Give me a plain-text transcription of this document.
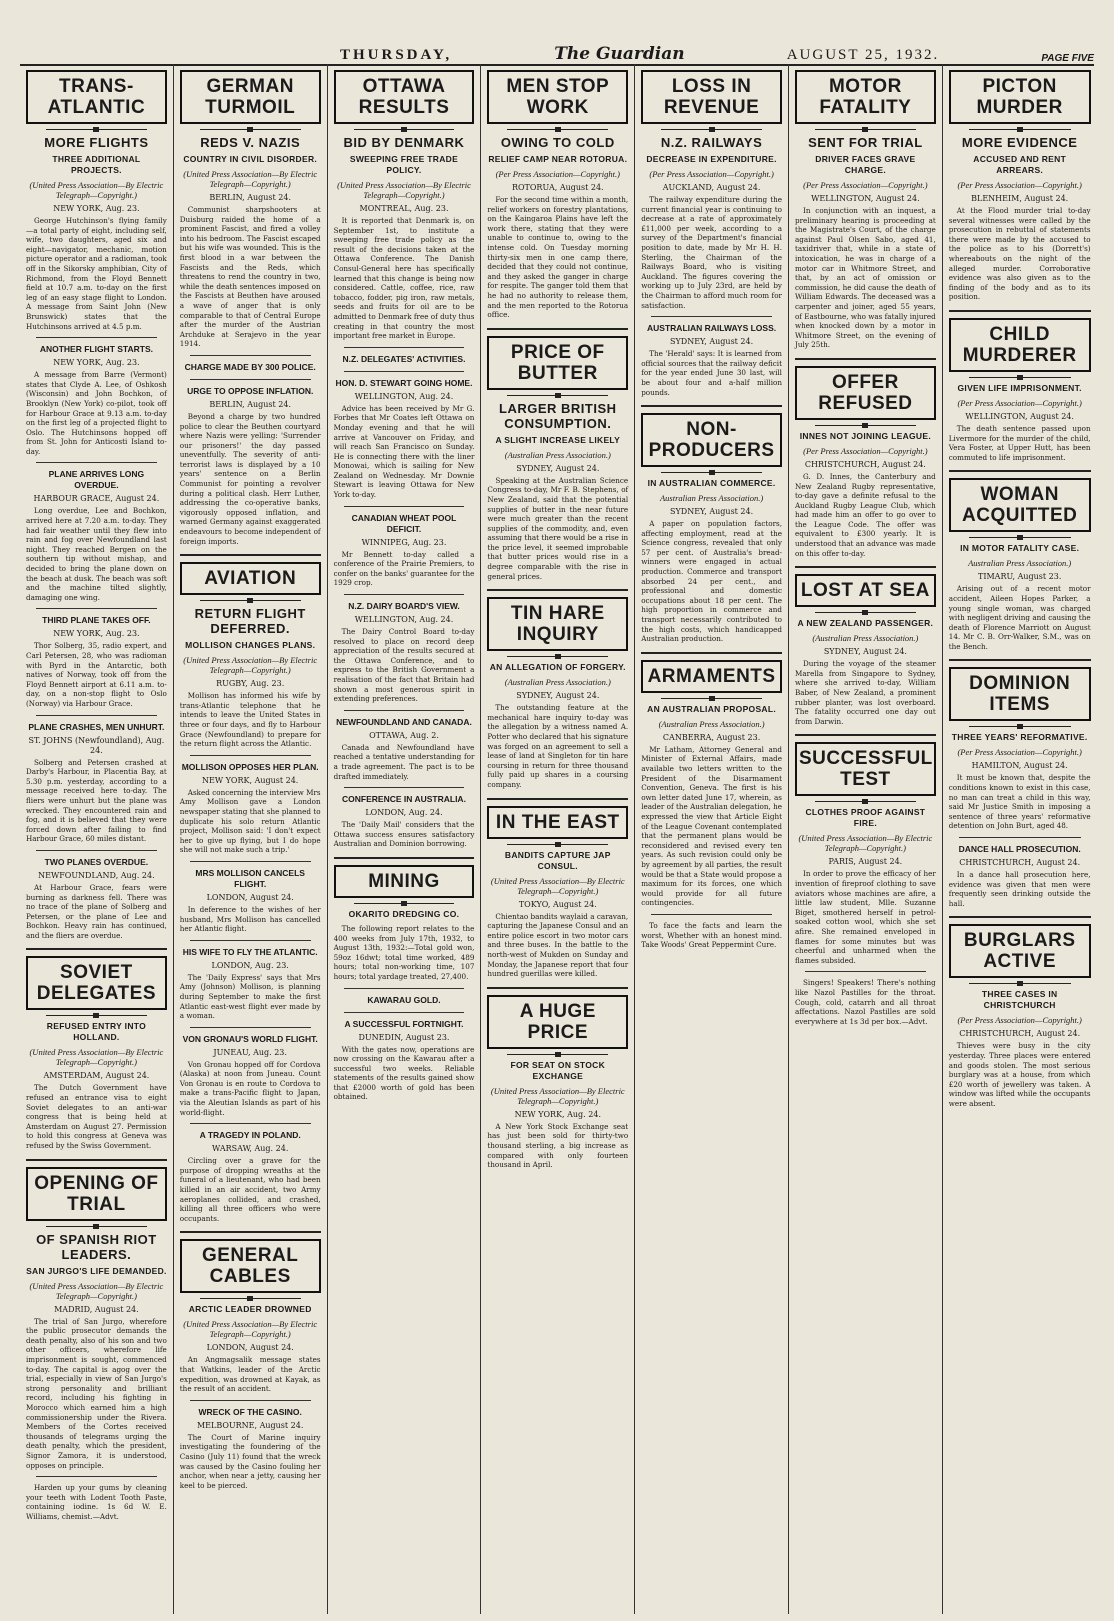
THURSDAY,	The Guardian	AUGUST 25, 1932.	PAGE FIVE
TRANS-ATLANTIC
MORE FLIGHTS
THREE ADDITIONAL PROJECTS.
(United Press Association—By Electric Telegraph—Copyright.)
NEW YORK, Aug. 23.

George Hutchinson's flying family —a total party of eight, including self, wife, two daughters, aged six and eight—navigator, mechanic, motion picture operator and a radioman, took off in the Sikorsky amphibian, City of Richmond, from the Floyd Bennett field at 10.7 a.m. to-day on the first leg of an easy stage flight to London. A message from Saint John (New Brunswick) states that the Hutchinsons arrived at 4.5 p.m.

ANOTHER FLIGHT STARTS.
NEW YORK, Aug. 23.

A message from Barre (Vermont) states that Clyde A. Lee, of Oshkosh (Wisconsin) and John Bochkon, of Brooklyn (New York) co-pilot, took off for Harbour Grace at 9.13 a.m. to-day on the first leg of a projected flight to Oslo. The Hutchinsons hopped off from St. John for Anticosti Island to-day.

PLANE ARRIVES LONG OVERDUE.
HARBOUR GRACE, August 24.

Long overdue, Lee and Bochkon, arrived here at 7.20 a.m. to-day. They had fair weather until they flew into rain and fog over Newfoundland last night. They reached Bergen on the southern tip without mishap, and decided to bring the plane down on the beach at dusk. The beach was soft and the machine tilted slightly, damaging one wing.

THIRD PLANE TAKES OFF.
NEW YORK, Aug. 23.

Thor Solberg, 35, radio expert, and Carl Petersen, 28, who was radioman with Byrd in the Antarctic, both natives of Norway, took off from the Floyd Bennett airport at 6.11 a.m. to-day, on a non-stop flight to Oslo (Norway) via Harbour Grace.

PLANE CRASHES, MEN UNHURT.
ST. JOHNS (Newfoundland), Aug. 24.

Solberg and Petersen crashed at Darby's Harbour, in Placentia Bay, at 5.30 p.m. yesterday, according to a message received here to-day. The fliers were unhurt but the plane was wrecked. They encountered rain and fog, and it is believed that they were forced down after failing to find Harbour Grace, 60 miles distant.

TWO PLANES OVERDUE.
NEWFOUNDLAND, Aug. 24.

At Harbour Grace, fears were burning as darkness fell. There was no trace of the plane of Solberg and Petersen, or the plane of Lee and Bochkon. Heavy rain has continued, and the fliers are overdue.

SOVIET DELEGATES
REFUSED ENTRY INTO HOLLAND.
(United Press Association—By Electric Telegraph—Copyright.)
AMSTERDAM, August 24.

The Dutch Government have refused an entrance visa to eight Soviet delegates to an anti-war congress that is being held at Amsterdam on August 27. Permission to hold this congress at Geneva was refused by the Swiss Government.

OPENING OF TRIAL
OF SPANISH RIOT LEADERS.
SAN JURGO'S LIFE DEMANDED.
(United Press Association—By Electric Telegraph—Copyright.)
MADRID, August 24.

The trial of San Jurgo, wherefore the public prosecutor demands the death penalty, also of his son and two other officers, wherefore life imprisonment is sought, commenced to-day. The capital is agog over the trial, especially in view of San Jurgo's strong personality and brilliant record, including his fighting in Morocco which earned him a high commissionership under the Rivera. Members of the Cortes received thousands of telegrams urging the death penalty, which the president, Signor Zamora, it is understood, opposes on principle.

Harden up your gums by cleaning your teeth with Lodent Tooth Paste, containing iodine. 1s 6d W. E. Williams, chemist.—Advt.

GERMAN TURMOIL
REDS V. NAZIS
COUNTRY IN CIVIL DISORDER.
(United Press Association—By Electric Telegraph—Copyright.)
BERLIN, August 24.

Communist sharpshooters at Duisburg raided the home of a prominent Fascist, and fired a volley into his bedroom. The Fascist escaped but his wife was wounded. This is the first blood in a war between the Fascists and the Reds, which threatens to rend the country in two, while the death sentences imposed on the Fascists at Beuthen have aroused a wave of anger that is only comparable to that of Central Europe after the murder of the Austrian Archduke at Serajevo in the year 1914.

CHARGE MADE BY 300 POLICE.
URGE TO OPPOSE INFLATION.
BERLIN, August 24.

Beyond a charge by two hundred police to clear the Beuthen courtyard where Nazis were yelling: 'Surrender our prisoners!' the day passed uneventfully. The severity of anti-terrorist laws is displayed by a 10 years' sentence on a Berlin Communist for pointing a revolver during a political clash. Herr Luther, addressing the co-operative banks, vigorously opposed inflation, and warned Germany against exaggerated endeavours to become independent of foreign imports.

AVIATION
RETURN FLIGHT DEFERRED.
MOLLISON CHANGES PLANS.
(United Press Association—By Electric Telegraph—Copyright.)
RUGBY, Aug. 23.

Mollison has informed his wife by trans-Atlantic telephone that he intends to leave the United States in three or four days, and fly to Harbour Grace (Newfoundland) to prepare for the return flight across the Atlantic.

MOLLISON OPPOSES HER PLAN.
NEW YORK, August 24.

Asked concerning the interview Mrs Amy Mollison gave a London newspaper stating that she planned to duplicate his solo return Atlantic project, Mollison said: 'I don't expect her to give up flying, but I do hope she will not make such a trip.'

MRS MOLLISON CANCELS FLIGHT.
LONDON, August 24.

In deference to the wishes of her husband, Mrs Mollison has cancelled her Atlantic flight.

HIS WIFE TO FLY THE ATLANTIC.
LONDON, Aug. 23.

The 'Daily Express' says that Mrs Amy (Johnson) Mollison, is planning during September to make the first Atlantic east-west flight ever made by a woman.

VON GRONAU'S WORLD FLIGHT.
JUNEAU, Aug. 23.

Von Gronau hopped off for Cordova (Alaska) at noon from Juneau. Count Von Gronau is en route to Cordova to make a trans-Pacific flight to Japan, via the Aleutian Islands as part of his world-flight.

A TRAGEDY IN POLAND.
WARSAW, Aug. 24.

Circling over a grave for the purpose of dropping wreaths at the funeral of a lieutenant, who had been killed in an air accident, two Army aeroplanes collided, and crashed, killing all three officers who were occupants.

GENERAL CABLES
ARCTIC LEADER DROWNED
(United Press Association—By Electric Telegraph—Copyright.)
LONDON, August 24.

An Angmagsalik message states that Watkins, leader of the Arctic expedition, was drowned at Kayak, as the result of an accident.

WRECK OF THE CASINO.
MELBOURNE, August 24.

The Court of Marine inquiry investigating the foundering of the Casino (July 11) found that the wreck was caused by the Casino fouling her anchor, when near a jetty, causing her keel to be pierced.

OTTAWA RESULTS
BID BY DENMARK
SWEEPING FREE TRADE POLICY.
(United Press Association—By Electric Telegraph—Copyright.)
MONTREAL, Aug. 23.

It is reported that Denmark is, on September 1st, to institute a sweeping free trade policy as the result of the decisions taken at the Ottawa Conference. The Danish Consul-General here has specifically learned that this change is being now considered. Cattle, coffee, rice, raw tobacco, fodder, pig iron, raw metals, seeds and fruits for oil are to be admitted to Denmark free of duty thus creating in that country the most important free market in Europe.

N.Z. DELEGATES' ACTIVITIES.
HON. D. STEWART GOING HOME.
WELLINGTON, Aug. 24.

Advice has been received by Mr G. Forbes that Mr Coates left Ottawa on Monday evening and that he will arrive at Vancouver on Friday, and will reach San Francisco on Sunday. He is connecting there with the liner Monowai, which is sailing for New Zealand on Wednesday. Mr Downie Stewart is leaving Ottawa for New York to-day.

CANADIAN WHEAT POOL DEFICIT.
WINNIPEG, Aug. 23.

Mr Bennett to-day called a conference of the Prairie Premiers, to confer on the banks' guarantee for the 1929 crop.

N.Z. DAIRY BOARD'S VIEW.
WELLINGTON, Aug. 24.

The Dairy Control Board to-day resolved to place on record deep appreciation of the results secured at the Ottawa Conference, and to express to the British Government a realisation of the fact that Britain had shown a most generous spirit in extending preferences.

NEWFOUNDLAND AND CANADA.
OTTAWA, Aug. 2.

Canada and Newfoundland have reached a tentative understanding for a trade agreement. The pact is to be drafted immediately.

CONFERENCE IN AUSTRALIA.
LONDON, Aug. 24.

The 'Daily Mail' considers that the Ottawa success ensures satisfactory Australian and Dominion borrowing.

MINING
OKARITO DREDGING CO.

The following report relates to the 400 weeks from July 17th, 1932, to August 13th, 1932:—Total gold won, 59oz 16dwt; total time worked, 489 hours; total non-working time, 107 hours; total yardage treated, 27,400.

KAWARAU GOLD.
A SUCCESSFUL FORTNIGHT.
DUNEDIN, August 23.

With the gates now, operations are now crossing on the Kawarau after a successful two weeks. Reliable statements of the results gained show that £2000 worth of gold has been obtained.

MEN STOP WORK
OWING TO COLD
RELIEF CAMP NEAR ROTORUA.
(Per Press Association—Copyright.)
ROTORUA, August 24.

For the second time within a month, relief workers on forestry plantations, on the Kaingaroa Plains have left the work there, stating that they were unable to continue to, owing to the intense cold. On Tuesday morning thirty-six men in one camp there, decided that they could not continue, and they asked the ganger in charge for respite. The ganger told them that he had no authority to release them, and the men reported to the Rotorua office.

PRICE OF BUTTER
LARGER BRITISH CONSUMPTION.
A SLIGHT INCREASE LIKELY
(Australian Press Association.)
SYDNEY, August 24.

Speaking at the Australian Science Congress to-day, Mr F. B. Stephens, of New Zealand, said that the potential supplies of butter in the near future were much greater than the recent supplies of the commodity, and, even assuming that there would be a rise in the price level, it seemed improbable that butter prices would rise in a degree comparable with the rise in general prices.

TIN HARE INQUIRY
AN ALLEGATION OF FORGERY.
(Australian Press Association.)
SYDNEY, August 24.

The outstanding feature at the mechanical hare inquiry to-day was the allegation by a witness named A. Potter who declared that his signature was forged on an agreement to sell a lease of land at Singleton for tin hare coursing in return for three thousand fully paid up shares in a coursing company.

IN THE EAST
BANDITS CAPTURE JAP CONSUL.
(United Press Association—By Electric Telegraph—Copyright.)
TOKYO, August 24.

Chientao bandits waylaid a caravan, capturing the Japanese Consul and an entire police escort in two motor cars and three buses. In the battle to the north-west of Mukden on Sunday and Monday, the Japanese report that four hundred guerillas were killed.

A HUGE PRICE
FOR SEAT ON STOCK EXCHANGE
(United Press Association—By Electric Telegraph—Copyright.)
NEW YORK, Aug. 24.

A New York Stock Exchange seat has just been sold for thirty-two thousand sterling, a big increase as compared with only fourteen thousand in April.

LOSS IN REVENUE
N.Z. RAILWAYS
DECREASE IN EXPENDITURE.
(Per Press Association—Copyright.)
AUCKLAND, August 24.

The railway expenditure during the current financial year is continuing to decrease at a rate of approximately £11,000 per week, according to a survey of the Department's financial position to date, made by Mr H. H. Sterling, the Chairman of the Railways Board, who is visiting Auckland. The figures covering the working up to July 23rd, are held by the Chairman to afford much room for satisfaction.

AUSTRALIAN RAILWAYS LOSS.
SYDNEY, August 24.

The 'Herald' says: It is learned from official sources that the railway deficit for the year ended June 30 last, will be about four and a-half million pounds.

NON-PRODUCERS
IN AUSTRALIAN COMMERCE.
Australian Press Association.)
SYDNEY, August 24.

A paper on population factors, affecting employment, read at the Science congress, revealed that only 57 per cent. of Australia's bread-winners were engaged in actual production. Commerce and transport absorbed 24 per cent., and professional and domestic occupations about 18 per cent. The high proportion in commerce and transport necessarily contributed to the high costs, which handicapped Australian production.

ARMAMENTS
AN AUSTRALIAN PROPOSAL.
(Australian Press Association.)
CANBERRA, August 23.

Mr Latham, Attorney General and Minister of External Affairs, made available two letters written to the President of the Disarmament Convention, Geneva. The first is his own letter dated June 17, wherein, as leader of the Australian delegation, he expressed the view that Article Eight of the League Covenant contemplated that the permanent plans would be reconsidered and revised every ten years. As such revision could only be by agreement by all parties, the result would be that a State would propose a maximum for its forces, one which would provide for all future contingencies.

To face the facts and learn the worst, Whether with an honest mind. Take Woods' Great Peppermint Cure.

MOTOR FATALITY
SENT FOR TRIAL
DRIVER FACES GRAVE CHARGE.
(Per Press Association—Copyright.)
WELLINGTON, August 24.

In conjunction with an inquest, a preliminary hearing is proceeding at the Magistrate's Court, of the charge against Paul Olsen Sabo, aged 41, taxidriver that, while in a state of intoxication, he was in charge of a motor car in Whitmore Street, and that, by an act of omission or commission, he did cause the death of William Edwards. The deceased was a carpenter and joiner, aged 55 years, of Eastbourne, who was fatally injured when knocked down by a motor in Whitmore Street, on the evening of July 25th.

OFFER REFUSED
INNES NOT JOINING LEAGUE.
(Per Press Association—Copyright.)
CHRISTCHURCH, August 24.

G. D. Innes, the Canterbury and New Zealand Rugby representative, to-day gave a definite refusal to the Auckland Rugby League Club, which had made him an offer to go over to the League Code. The offer was equivalent to £300 yearly. It is understood that an advance was made on this offer to-day.

LOST AT SEA
A NEW ZEALAND PASSENGER.
(Australian Press Association.)
SYDNEY, August 24.

During the voyage of the steamer Marella from Singapore to Sydney, where she arrived to-day, William Baber, of New Zealand, a prominent rubber planter, was lost overboard. The fatality occurred one day out from Darwin.

SUCCESSFUL TEST
CLOTHES PROOF AGAINST FIRE.
(United Press Association—By Electric Telegraph—Copyright.)
PARIS, August 24.

In order to prove the efficacy of her invention of fireproof clothing to save aviators whose machines are afire, a little law student, Mlle. Suzanne Biget, smothered herself in petrol-soaked cotton wool, which she set afire. She remained enveloped in flames for some minutes but was cheerful and unharmed when the flames subsided.

Singers! Speakers! There's nothing like Nazol Pastilles for the throat. Cough, cold, catarrh and all throat affectations. Nazol Pastilles are sold everywhere at 1s 3d per box.—Advt.

PICTON MURDER
MORE EVIDENCE
ACCUSED AND RENT ARREARS.
(Per Press Association—Copyright.)
BLENHEIM, August 24.

At the Flood murder trial to-day several witnesses were called by the prosecution in rebuttal of statements there were made by the accused to the police as to his (Dorrett's) whereabouts on the night of the alleged murder. Corroborative evidence was also given as to the finding of the body and as to its position.

CHILD MURDERER
GIVEN LIFE IMPRISONMENT.
(Per Press Association—Copyright.)
WELLINGTON, August 24.

The death sentence passed upon Livermore for the murder of the child, Vera Foster, at Upper Hutt, has been commuted to life imprisonment.

WOMAN ACQUITTED
IN MOTOR FATALITY CASE.
Australian Press Association.)
TIMARU, August 23.

Arising out of a recent motor accident, Aileen Hopes Parker, a young single woman, was charged with negligent driving and causing the death of Florence Marriott on August 14. Mr C. B. Orr-Walker, S.M., was on the Bench.

DOMINION ITEMS
THREE YEARS' REFORMATIVE.
(Per Press Association—Copyright.)
HAMILTON, August 24.

It must be known that, despite the conditions known to exist in this case, no man can treat a child in this way, said Mr Justice Smith in imposing a sentence of three years' reformative detention on John Burt, aged 48.

DANCE HALL PROSECUTION.
CHRISTCHURCH, August 24.

In a dance hall prosecution here, evidence was given that men were frequently seen drinking outside the hall.

BURGLARS ACTIVE
THREE CASES IN CHRISTCHURCH
(Per Press Association—Copyright.)
CHRISTCHURCH, August 24.

Thieves were busy in the city yesterday. Three places were entered and goods stolen. The most serious burglary was at a house, from which £20 worth of jewellery was taken. A window was lifted while the occupants were absent.
